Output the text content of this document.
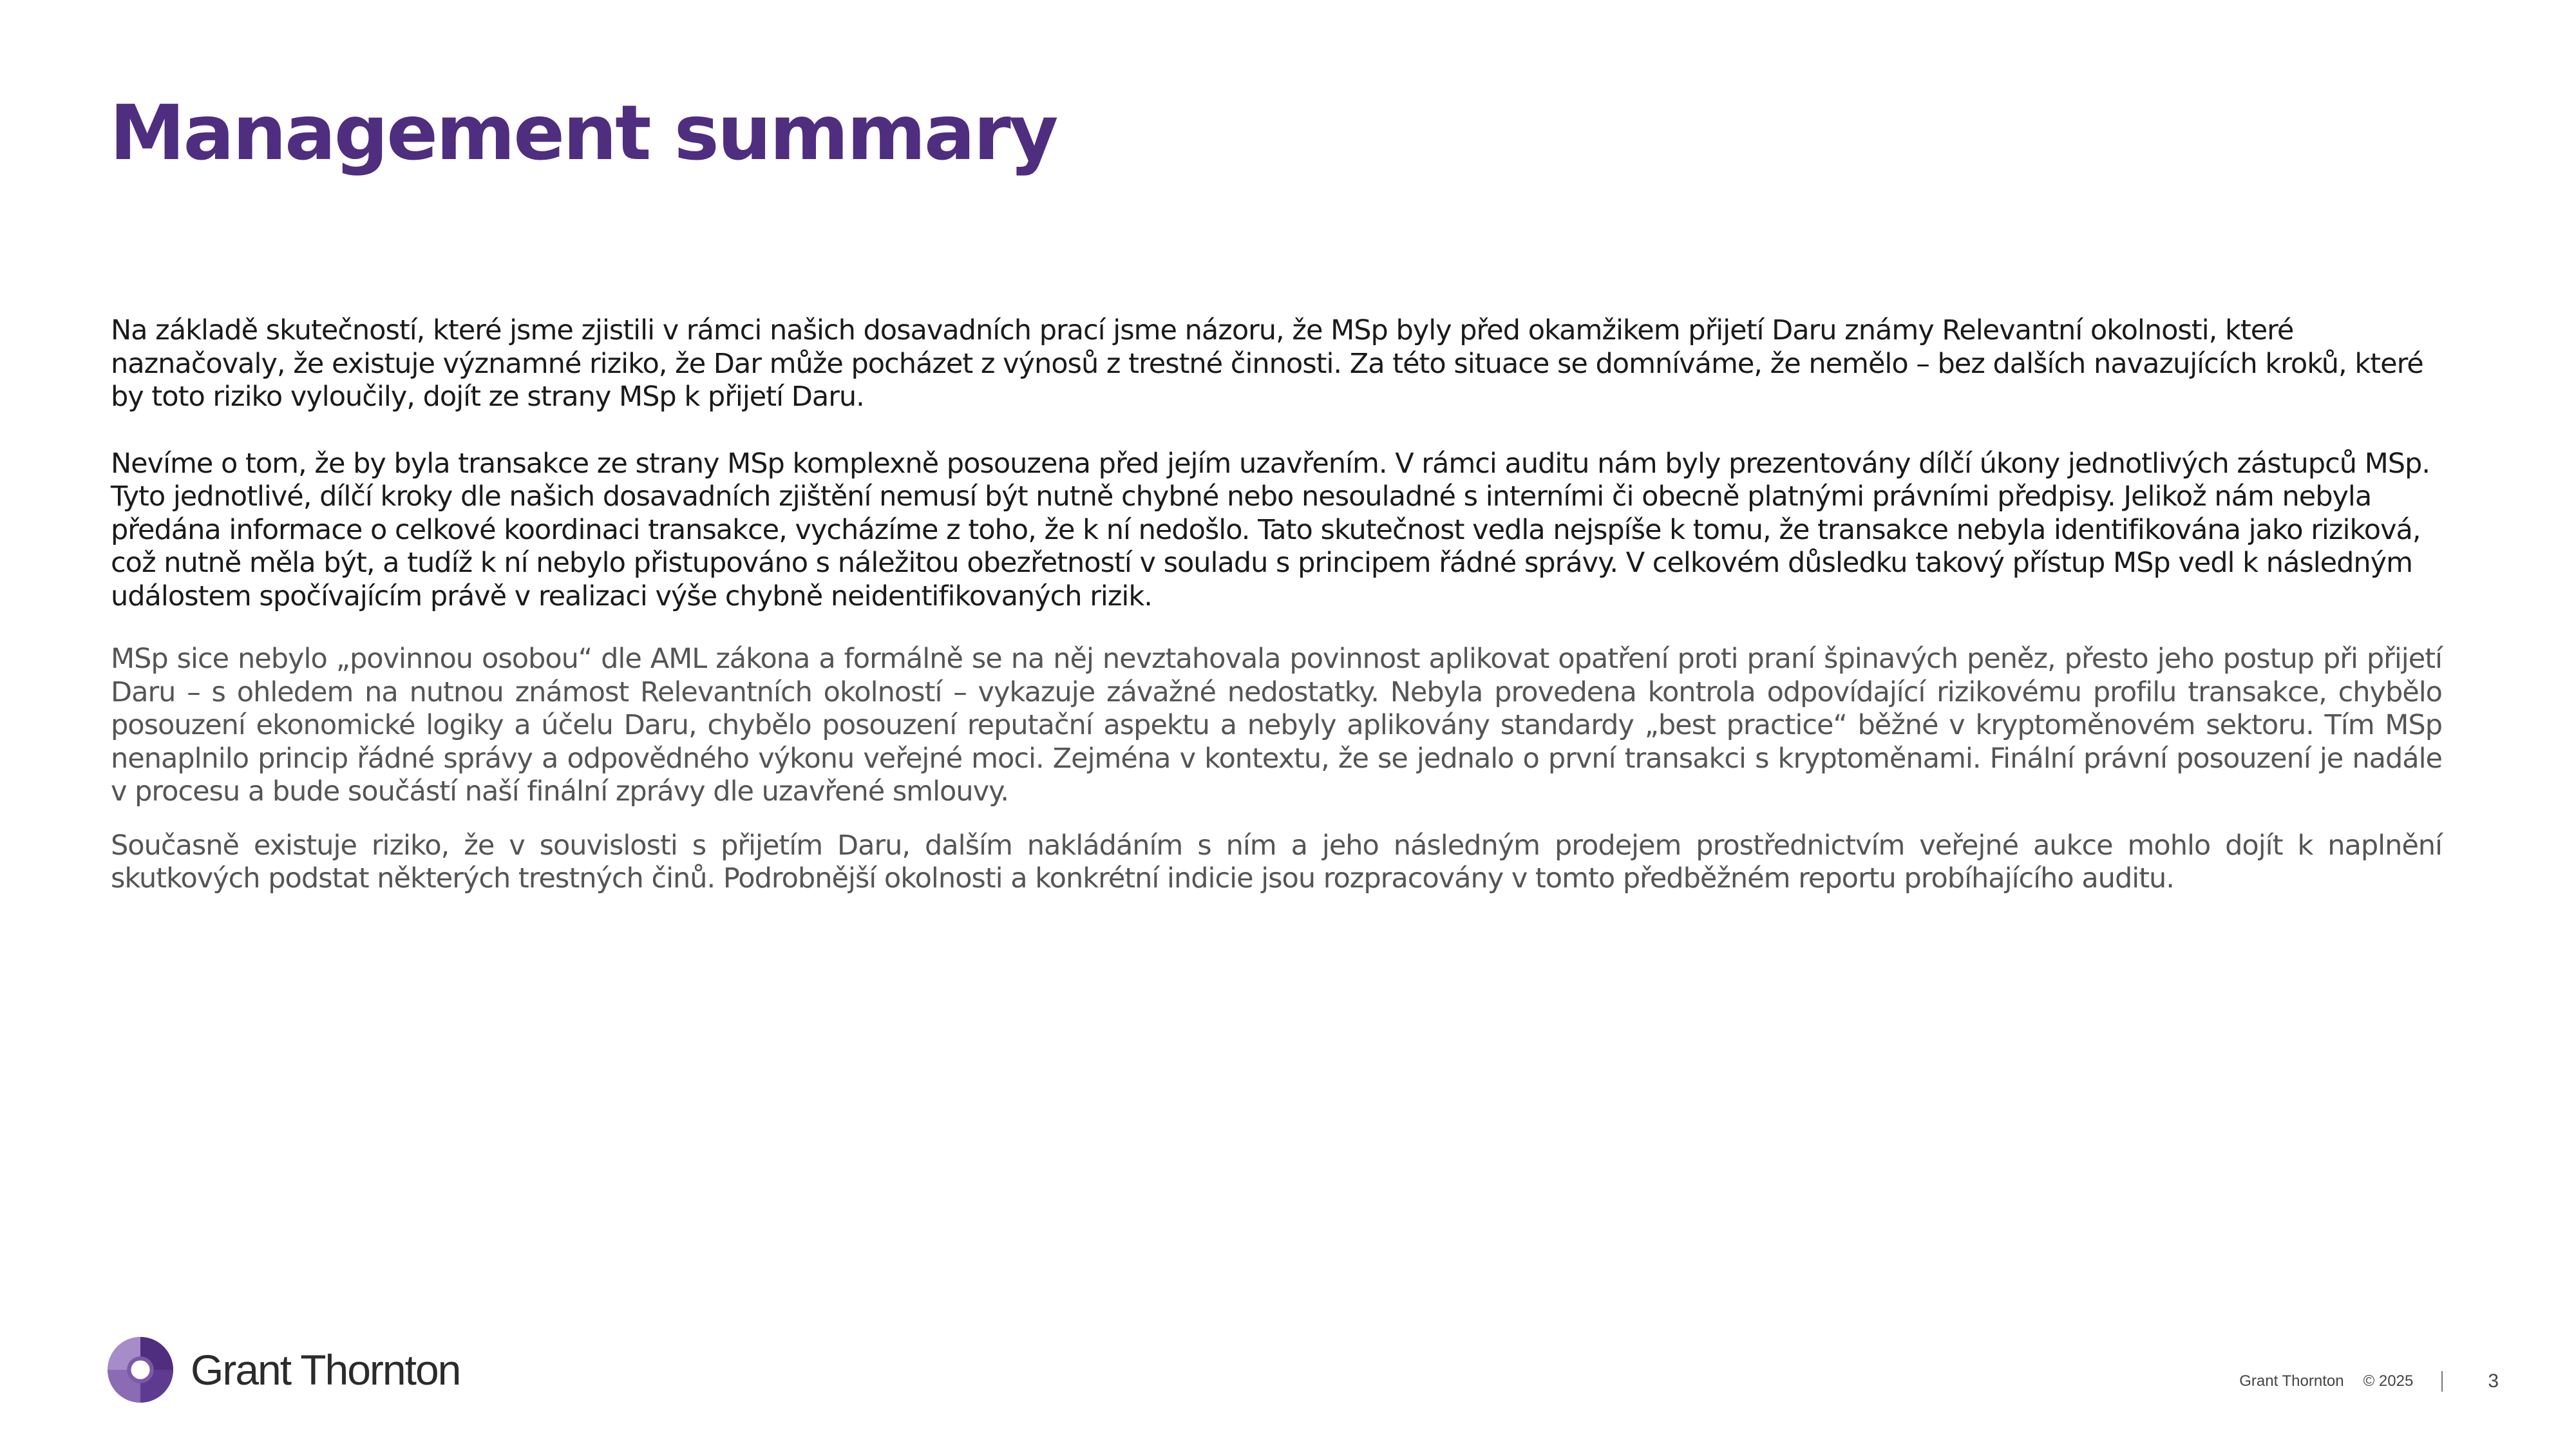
Management summary

Na základě skutečností, které jsme zjistili v rámci našich dosavadních prací jsme názoru, že MSp byly před okamžikem přijetí Daru známy Relevantní okolnosti, které naznačovaly, že existuje významné riziko, že Dar může pocházet z výnosů z trestné činnosti. Za této situace se domníváme, že nemělo – bez dalších navazujících kroků, které by toto riziko vyloučily, dojít ze strany MSp k přijetí Daru.

Nevíme o tom, že by byla transakce ze strany MSp komplexně posouzena před jejím uzavřením. V rámci auditu nám byly prezentovány dílčí úkony jednotlivých zástupců MSp. Tyto jednotlivé, dílčí kroky dle našich dosavadních zjištění nemusí být nutně chybné nebo nesouladné s interními či obecně platnými právními předpisy. Jelikož nám nebyla předána informace o celkové koordinaci transakce, vycházíme z toho, že k ní nedošlo. Tato skutečnost vedla nejspíše k tomu, že transakce nebyla identifikována jako riziková, což nutně měla být, a tudíž k ní nebylo přistupováno s náležitou obezřetností v souladu s principem řádné správy. V celkovém důsledku takový přístup MSp vedl k následným událostem spočívajícím právě v realizaci výše chybně neidentifikovaných rizik.

MSp sice nebylo „povinnou osobou“ dle AML zákona a formálně se na něj nevztahovala povinnost aplikovat opatření proti praní špinavých peněz, přesto jeho postup při přijetí Daru – s ohledem na nutnou známost Relevantních okolností – vykazuje závažné nedostatky. Nebyla provedena kontrola odpovídající rizikovému profilu transakce, chybělo posouzení ekonomické logiky a účelu Daru, chybělo posouzení reputační aspektu a nebyly aplikovány standardy „best practice“ běžné v kryptoměnovém sektoru. Tím MSp nenaplnilo princip řádné správy a odpovědného výkonu veřejné moci. Zejména v kontextu, že se jednalo o první transakci s kryptoměnami. Finální právní posouzení je nadále v procesu a bude součástí naší finální zprávy dle uzavřené smlouvy.

Současně existuje riziko, že v souvislosti s přijetím Daru, dalším nakládáním s ním a jeho následným prodejem prostřednictvím veřejné aukce mohlo dojít k naplnění skutkových podstat některých trestných činů. Podrobnější okolnosti a konkrétní indicie jsou rozpracovány v tomto předběžném reportu probíhajícího auditu.

Grant Thornton	Grant Thornton © 2025	3
